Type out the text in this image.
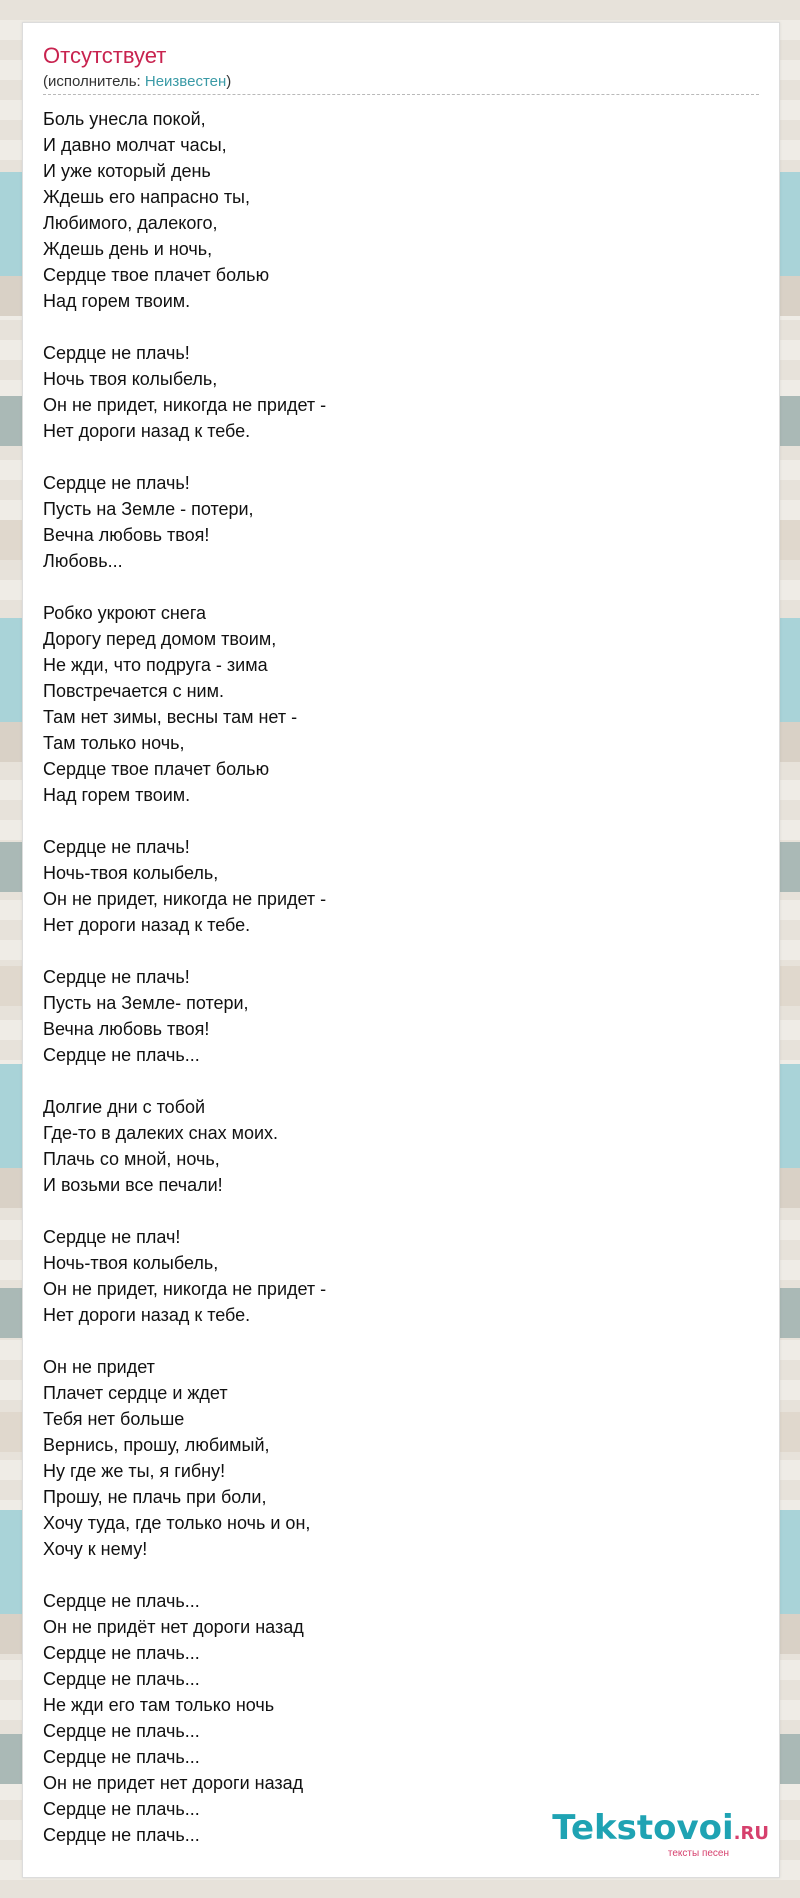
Отсутствует
(исполнитель: Неизвестен)
Боль унесла покой,
И давно молчат часы,
И уже который день
Ждешь его напрасно ты,
Любимого, далекого,
Ждешь день и ночь,
Сердце твое плачет болью
Над горем твоим.
Сердце не плачь!
Ночь твоя колыбель,
Он не придет, никогда не придет -
Нет дороги назад к тебе.
Сердце не плачь!
Пусть на Земле - потери,
Вечна любовь твоя!
Любовь...
Робко укроют снега
Дорогу перед домом твоим,
Не жди, что подруга - зима
Повстречается с ним.
Там нет зимы, весны там нет -
Там только ночь,
Сердце твое плачет болью
Над горем твоим.
Сердце не плачь!
Ночь-твоя колыбель,
Он не придет, никогда не придет -
Нет дороги назад к тебе.
Сердце не плачь!
Пусть на Земле- потери,
Вечна любовь твоя!
Сердце не плачь...
Долгие дни с тобой
Где-то в далеких снах моих.
Плачь со мной, ночь,
И возьми все печали!
Сердце не плач!
Ночь-твоя колыбель,
Он не придет, никогда не придет -
Нет дороги назад к тебе.
Он не придет
Плачет сердце и ждет
Тебя нет больше
Вернись, прошу, любимый,
Ну где же ты, я гибну!
Прошу, не плачь при боли,
Хочу туда, где только ночь и он,
Хочу к нему!
Сердце не плачь...
Он не придёт нет дороги назад
Сердце не плачь...
Сердце не плачь...
Не жди его там только ночь
Сердце не плачь...
Сердце не плачь...
Он не придет нет дороги назад
Сердце не плачь...
Сердце не плачь...	Tekstovoi.RU
тексты песен
